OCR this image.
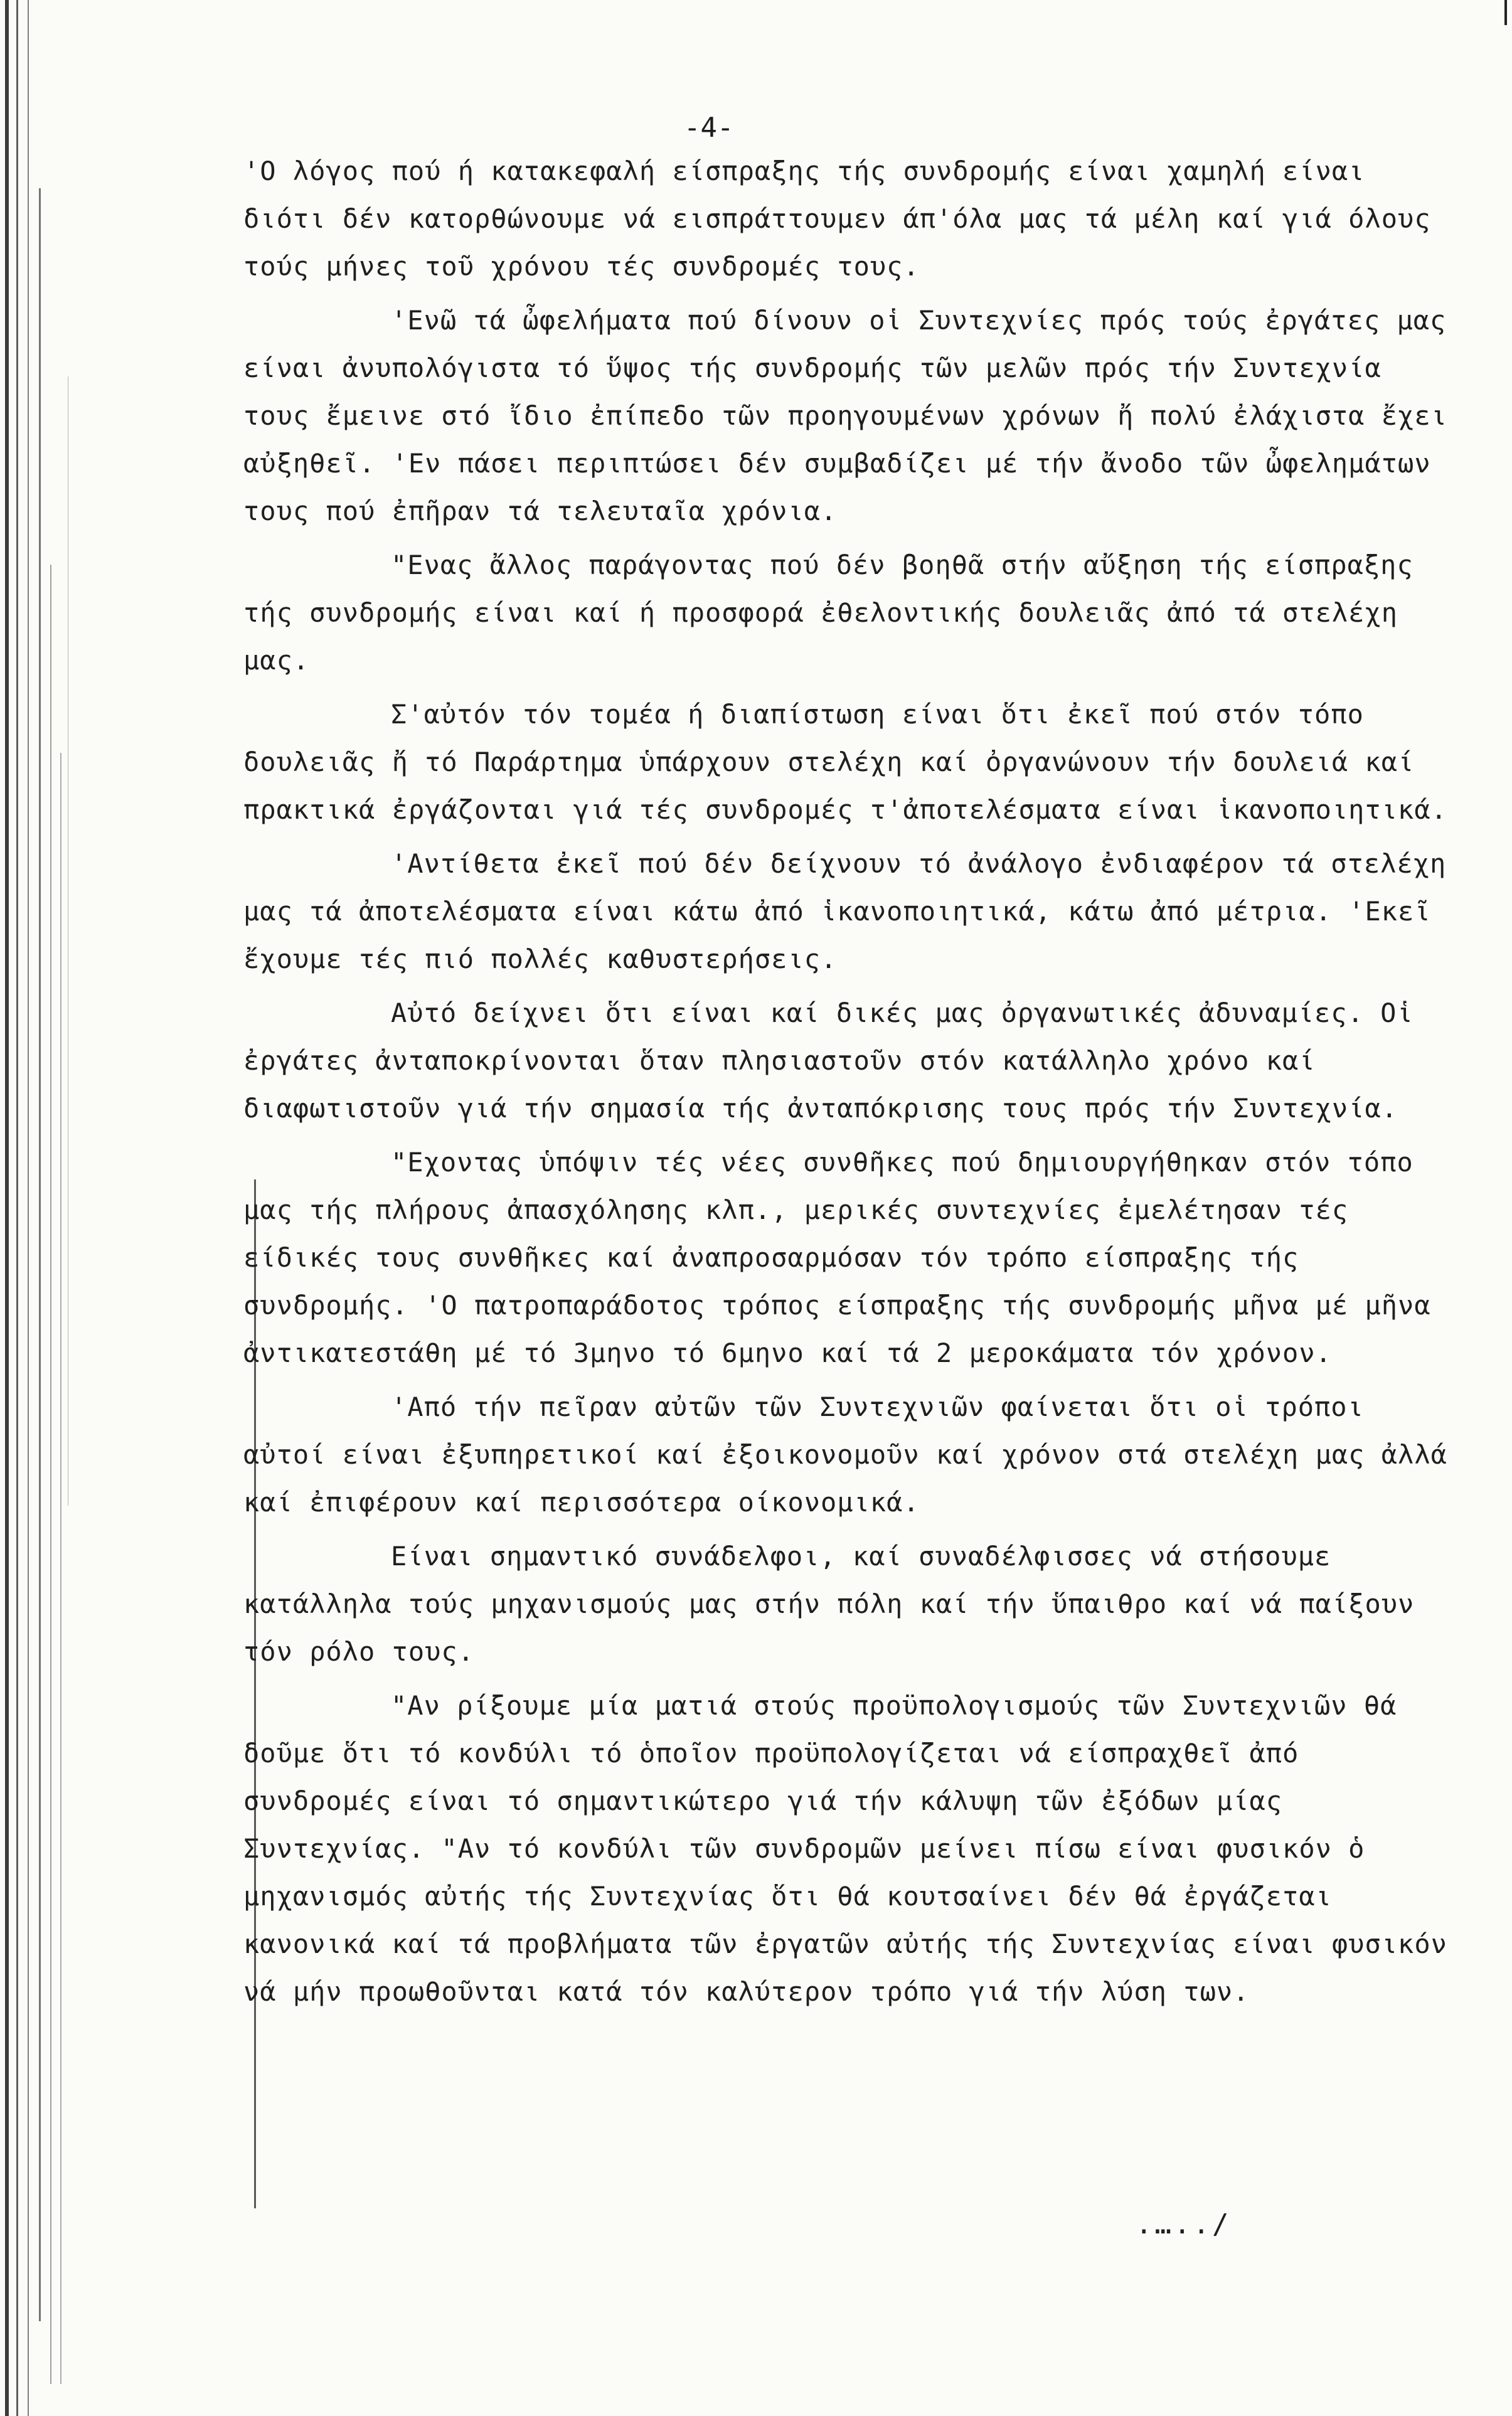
-4-

'Ο λόγος πού ή κατακεφαλή είσπραξης τής συνδρομής είναι χαμηλή είναι διότι δέν κατορθώνουμε νά εισπράττουμεν άπ'όλα μας τά μέλη καί γιά όλους τούς μήνες τοῦ χρόνου τές συνδρομές τους.

'Ενῶ τά ὦφελήματα πού δίνουν οἱ Συντεχνίες πρός τούς ἐργάτες μας είναι ἀνυπολόγιστα τό ὕψος τής συνδρομής τῶν μελῶν πρός τήν Συντεχνία τους ἔμεινε στό ἴδιο ἐπίπεδο τῶν προηγουμένων χρόνων ἤ πολύ ἐλάχιστα ἔχει αὐξηθεῖ. 'Εν πάσει περιπτώσει δέν συμβαδίζει μέ τήν ἄνοδο τῶν ὦφελημάτων τους πού ἐπῆραν τά τελευταῖα χρόνια.

"Ενας ἄλλος παράγοντας πού δέν βοηθᾶ στήν αὔξηση τής είσπραξης τής συνδρομής είναι καί ή προσφορά ἐθελοντικής δουλειᾶς ἀπό τά στελέχη μας.

Σ'αὐτόν τόν τομέα ή διαπίστωση είναι ὅτι ἐκεῖ πού στόν τόπο δουλειᾶς ἤ τό Παράρτημα ὑπάρχουν στελέχη καί ὀργανώνουν τήν δουλειά καί πρακτικά ἐργάζονται γιά τές συνδρομές τ'ἀποτελέσματα είναι ἱκανοποιητικά.

'Αντίθετα ἐκεῖ πού δέν δείχνουν τό ἀνάλογο ἐνδιαφέρον τά στελέχη μας τά ἀποτελέσματα είναι κάτω ἀπό ἱκανοποιητικά, κάτω ἀπό μέτρια. 'Εκεῖ ἔχουμε τές πιό πολλές καθυστερήσεις.

Αὐτό δείχνει ὅτι είναι καί δικές μας ὀργανωτικές ἀδυναμίες. Οἱ ἐργάτες ἀνταποκρίνονται ὅταν πλησιαστοῦν στόν κατάλληλο χρόνο καί διαφωτιστοῦν γιά τήν σημασία τής ἀνταπόκρισης τους πρός τήν Συντεχνία.

"Εχοντας ὑπόψιν τές νέες συνθῆκες πού δημιουργήθηκαν στόν τόπο μας τής πλήρους ἀπασχόλησης κλπ., μερικές συντεχνίες ἐμελέτησαν τές είδικές τους συνθῆκες καί ἀναπροσαρμόσαν τόν τρόπο είσπραξης τής συνδρομής. 'Ο πατροπαράδοτος τρόπος είσπραξης τής συνδρομής μῆνα μέ μῆνα ἀντικατεστάθη μέ τό 3μηνο τό 6μηνο καί τά 2 μεροκάματα τόν χρόνον.

'Από τήν πεῖραν αὐτῶν τῶν Συντεχνιῶν φαίνεται ὅτι οἱ τρόποι αὐτοί είναι ἐξυπηρετικοί καί ἐξοικονομοῦν καί χρόνον στά στελέχη μας ἀλλά καί ἐπιφέρουν καί περισσότερα οίκονομικά.

Είναι σημαντικό συνάδελφοι, καί συναδέλφισσες νά στήσουμε κατάλληλα τούς μηχανισμούς μας στήν πόλη καί τήν ὕπαιθρο καί νά παίξουν τόν ρόλο τους.

"Αν ρίξουμε μία ματιά στούς προϋπολογισμούς τῶν Συντεχνιῶν θά δοῦμε ὅτι τό κονδύλι τό ὁποῖον προϋπολογίζεται νά είσπραχθεῖ ἀπό συνδρομές είναι τό σημαντικώτερο γιά τήν κάλυψη τῶν ἐξόδων μίας Συντεχνίας. "Αν τό κονδύλι τῶν συνδρομῶν μείνει πίσω είναι φυσικόν ὁ μηχανισμός αὐτής τής Συντεχνίας ὅτι θά κουτσαίνει δέν θά ἐργάζεται κανονικά καί τά προβλήματα τῶν ἐργατῶν αὐτής τής Συντεχνίας είναι φυσικόν νά μήν προωθοῦνται κατά τόν καλύτερον τρόπο γιά τήν λύση των.

.…../
